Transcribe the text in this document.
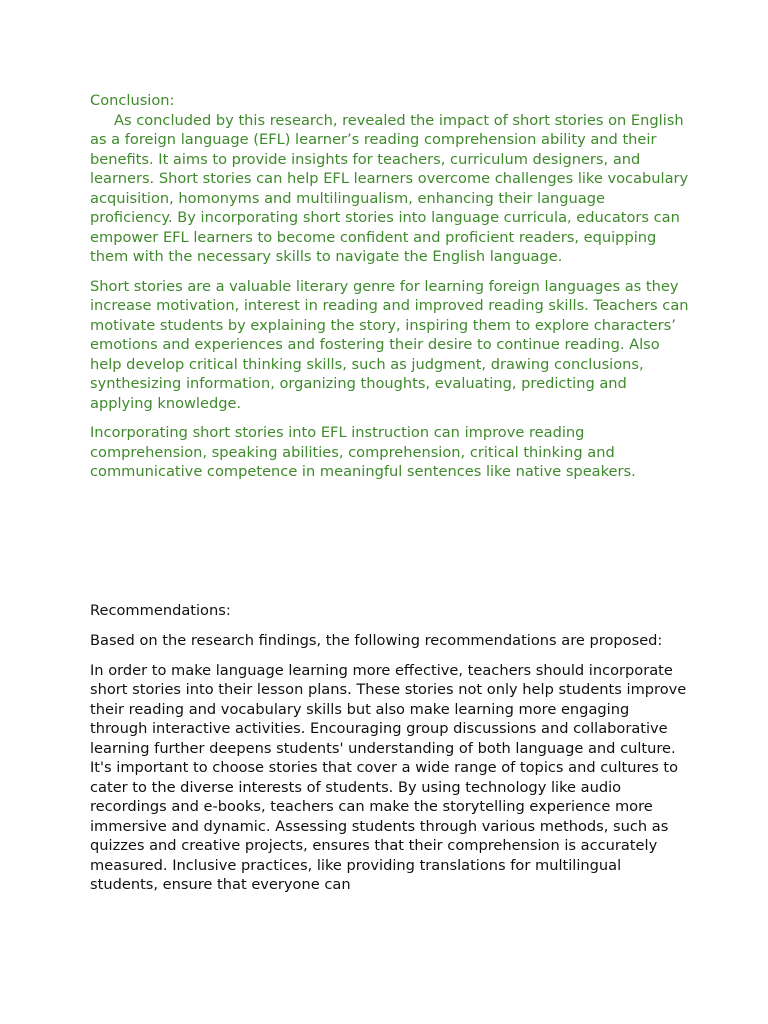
Conclusion:

As concluded by this research, revealed the impact of short stories on English as a foreign language (EFL) learner’s reading comprehension ability and their benefits. It aims to provide insights for teachers, curriculum designers, and learners. Short stories can help EFL learners overcome challenges like vocabulary acquisition, homonyms and multilingualism, enhancing their language proficiency. By incorporating short stories into language curricula, educators can empower EFL learners to become confident and proficient readers, equipping them with the necessary skills to navigate the English language.

Short stories are a valuable literary genre for learning foreign languages as they increase motivation, interest in reading and improved reading skills. Teachers can motivate students by explaining the story, inspiring them to explore characters’ emotions and experiences and fostering their desire to continue reading. Also help develop critical thinking skills, such as judgment, drawing conclusions, synthesizing information, organizing thoughts, evaluating, predicting and applying knowledge.

Incorporating short stories into EFL instruction can improve reading comprehension, speaking abilities, comprehension, critical thinking and communicative competence in meaningful sentences like native speakers.

Recommendations:

Based on the research findings, the following recommendations are proposed:

In order to make language learning more effective, teachers should incorporate short stories into their lesson plans. These stories not only help students improve their reading and vocabulary skills but also make learning more engaging through interactive activities. Encouraging group discussions and collaborative learning further deepens students' understanding of both language and culture. It's important to choose stories that cover a wide range of topics and cultures to cater to the diverse interests of students. By using technology like audio recordings and e-books, teachers can make the storytelling experience more immersive and dynamic. Assessing students through various methods, such as quizzes and creative projects, ensures that their comprehension is accurately measured. Inclusive practices, like providing translations for multilingual students, ensure that everyone can
